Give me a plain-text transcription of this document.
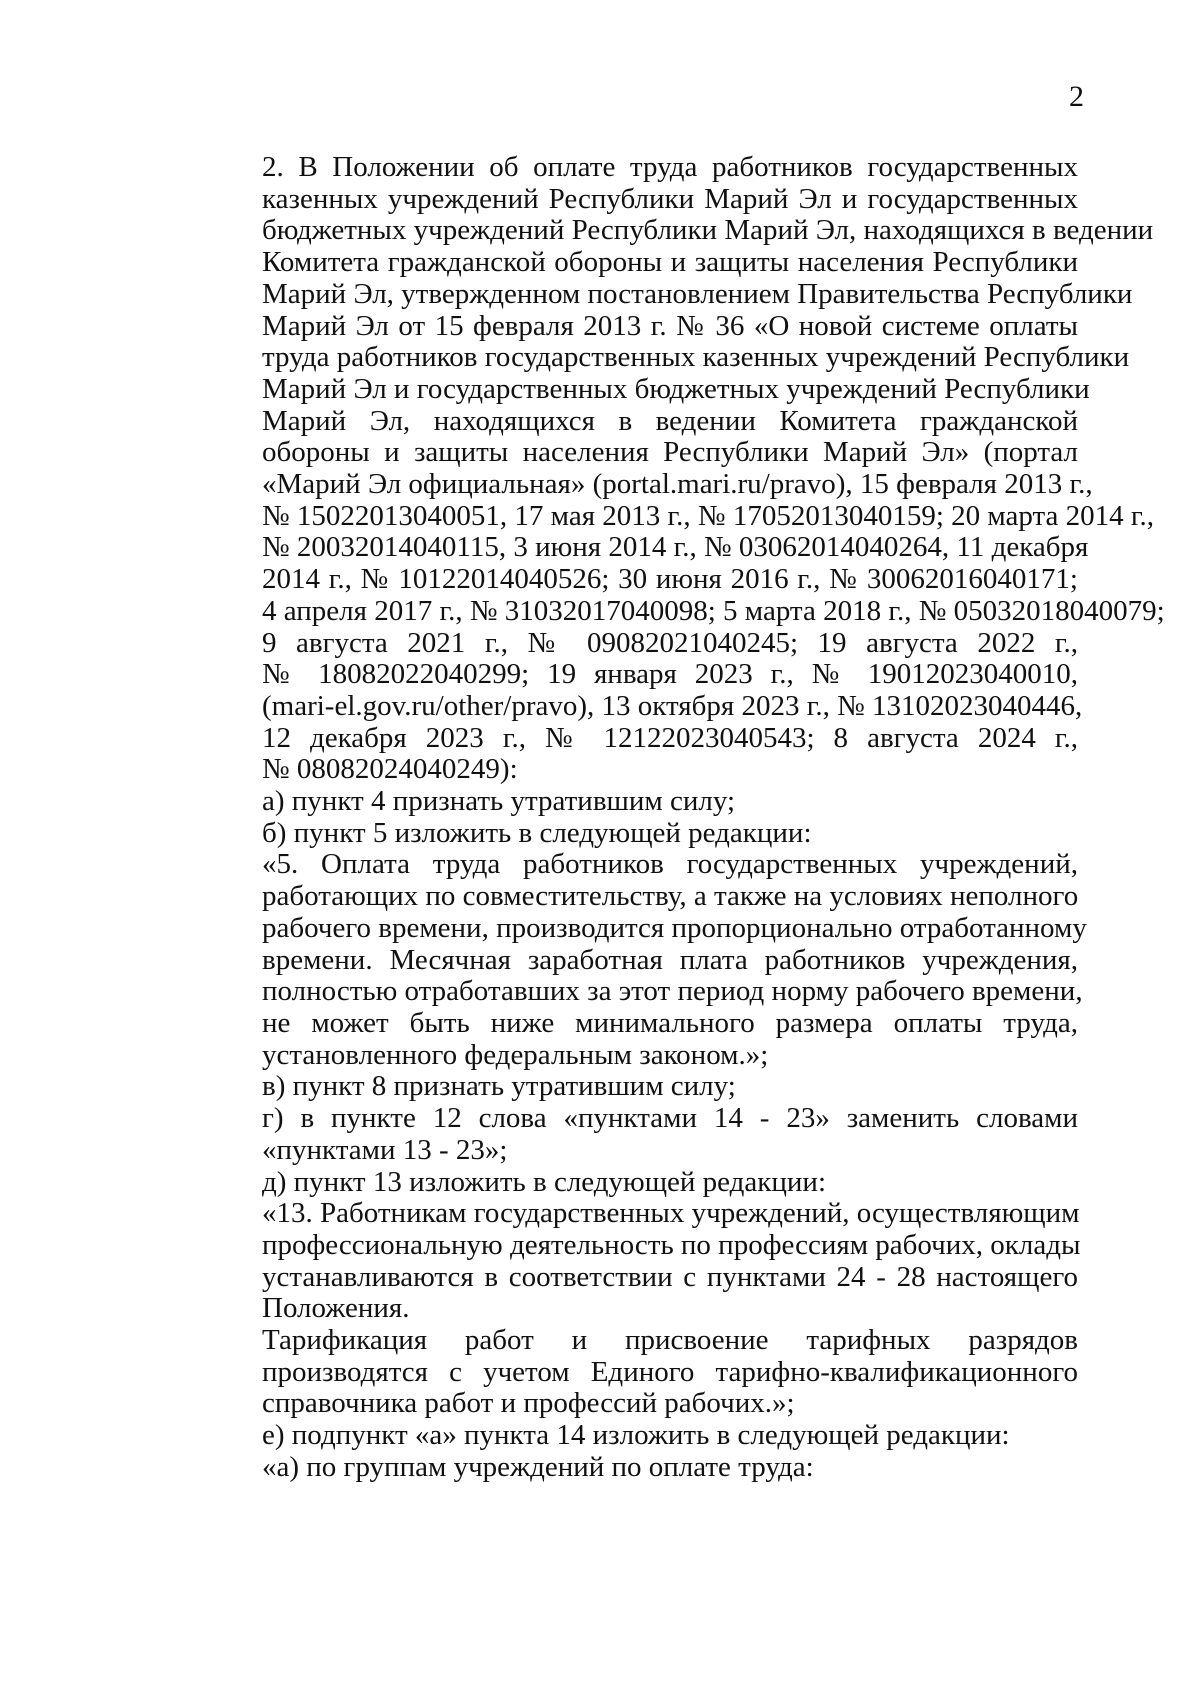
2

2. В Положении об оплате труда работников государственных
казенных учреждений Республики Марий Эл и государственных
бюджетных учреждений Республики Марий Эл, находящихся в ведении
Комитета гражданской обороны и защиты населения Республики
Марий Эл, утвержденном постановлением Правительства Республики
Марий Эл от 15 февраля 2013 г. № 36 «О новой системе оплаты
труда работников государственных казенных учреждений Республики
Марий Эл и государственных бюджетных учреждений Республики
Марий Эл, находящихся в ведении Комитета гражданской
обороны и защиты населения Республики Марий Эл» (портал
«Марий Эл официальная» (portal.mari.ru/pravo), 15 февраля 2013 г.,
№ 15022013040051, 17 мая 2013 г., № 17052013040159; 20 марта 2014 г.,
№ 20032014040115, 3 июня 2014 г., № 03062014040264, 11 декабря
2014 г., № 10122014040526; 30 июня 2016 г., № 30062016040171;
4 апреля 2017 г., № 31032017040098; 5 марта 2018 г., № 05032018040079;
9 августа 2021 г., № 09082021040245; 19 августа 2022 г.,
№ 18082022040299; 19 января 2023 г., № 19012023040010,
(mari-el.gov.ru/other/pravo), 13 октября 2023 г., № 13102023040446,
12 декабря 2023 г., № 12122023040543; 8 августа 2024 г.,
№ 08082024040249):

а) пункт 4 признать утратившим силу;

б) пункт 5 изложить в следующей редакции:

«5. Оплата труда работников государственных учреждений,
работающих по совместительству, а также на условиях неполного
рабочего времени, производится пропорционально отработанному
времени. Месячная заработная плата работников учреждения,
полностью отработавших за этот период норму рабочего времени,
не может быть ниже минимального размера оплаты труда,
установленного федеральным законом.»;

в) пункт 8 признать утратившим силу;

г) в пункте 12 слова «пунктами 14 - 23» заменить словами
«пунктами 13 - 23»;

д) пункт 13 изложить в следующей редакции:

«13. Работникам государственных учреждений, осуществляющим
профессиональную деятельность по профессиям рабочих, оклады
устанавливаются в соответствии с пунктами 24 - 28 настоящего
Положения.

Тарификация работ и присвоение тарифных разрядов
производятся с учетом Единого тарифно-квалификационного
справочника работ и профессий рабочих.»;

е) подпункт «а» пункта 14 изложить в следующей редакции:

«а) по группам учреждений по оплате труда:
